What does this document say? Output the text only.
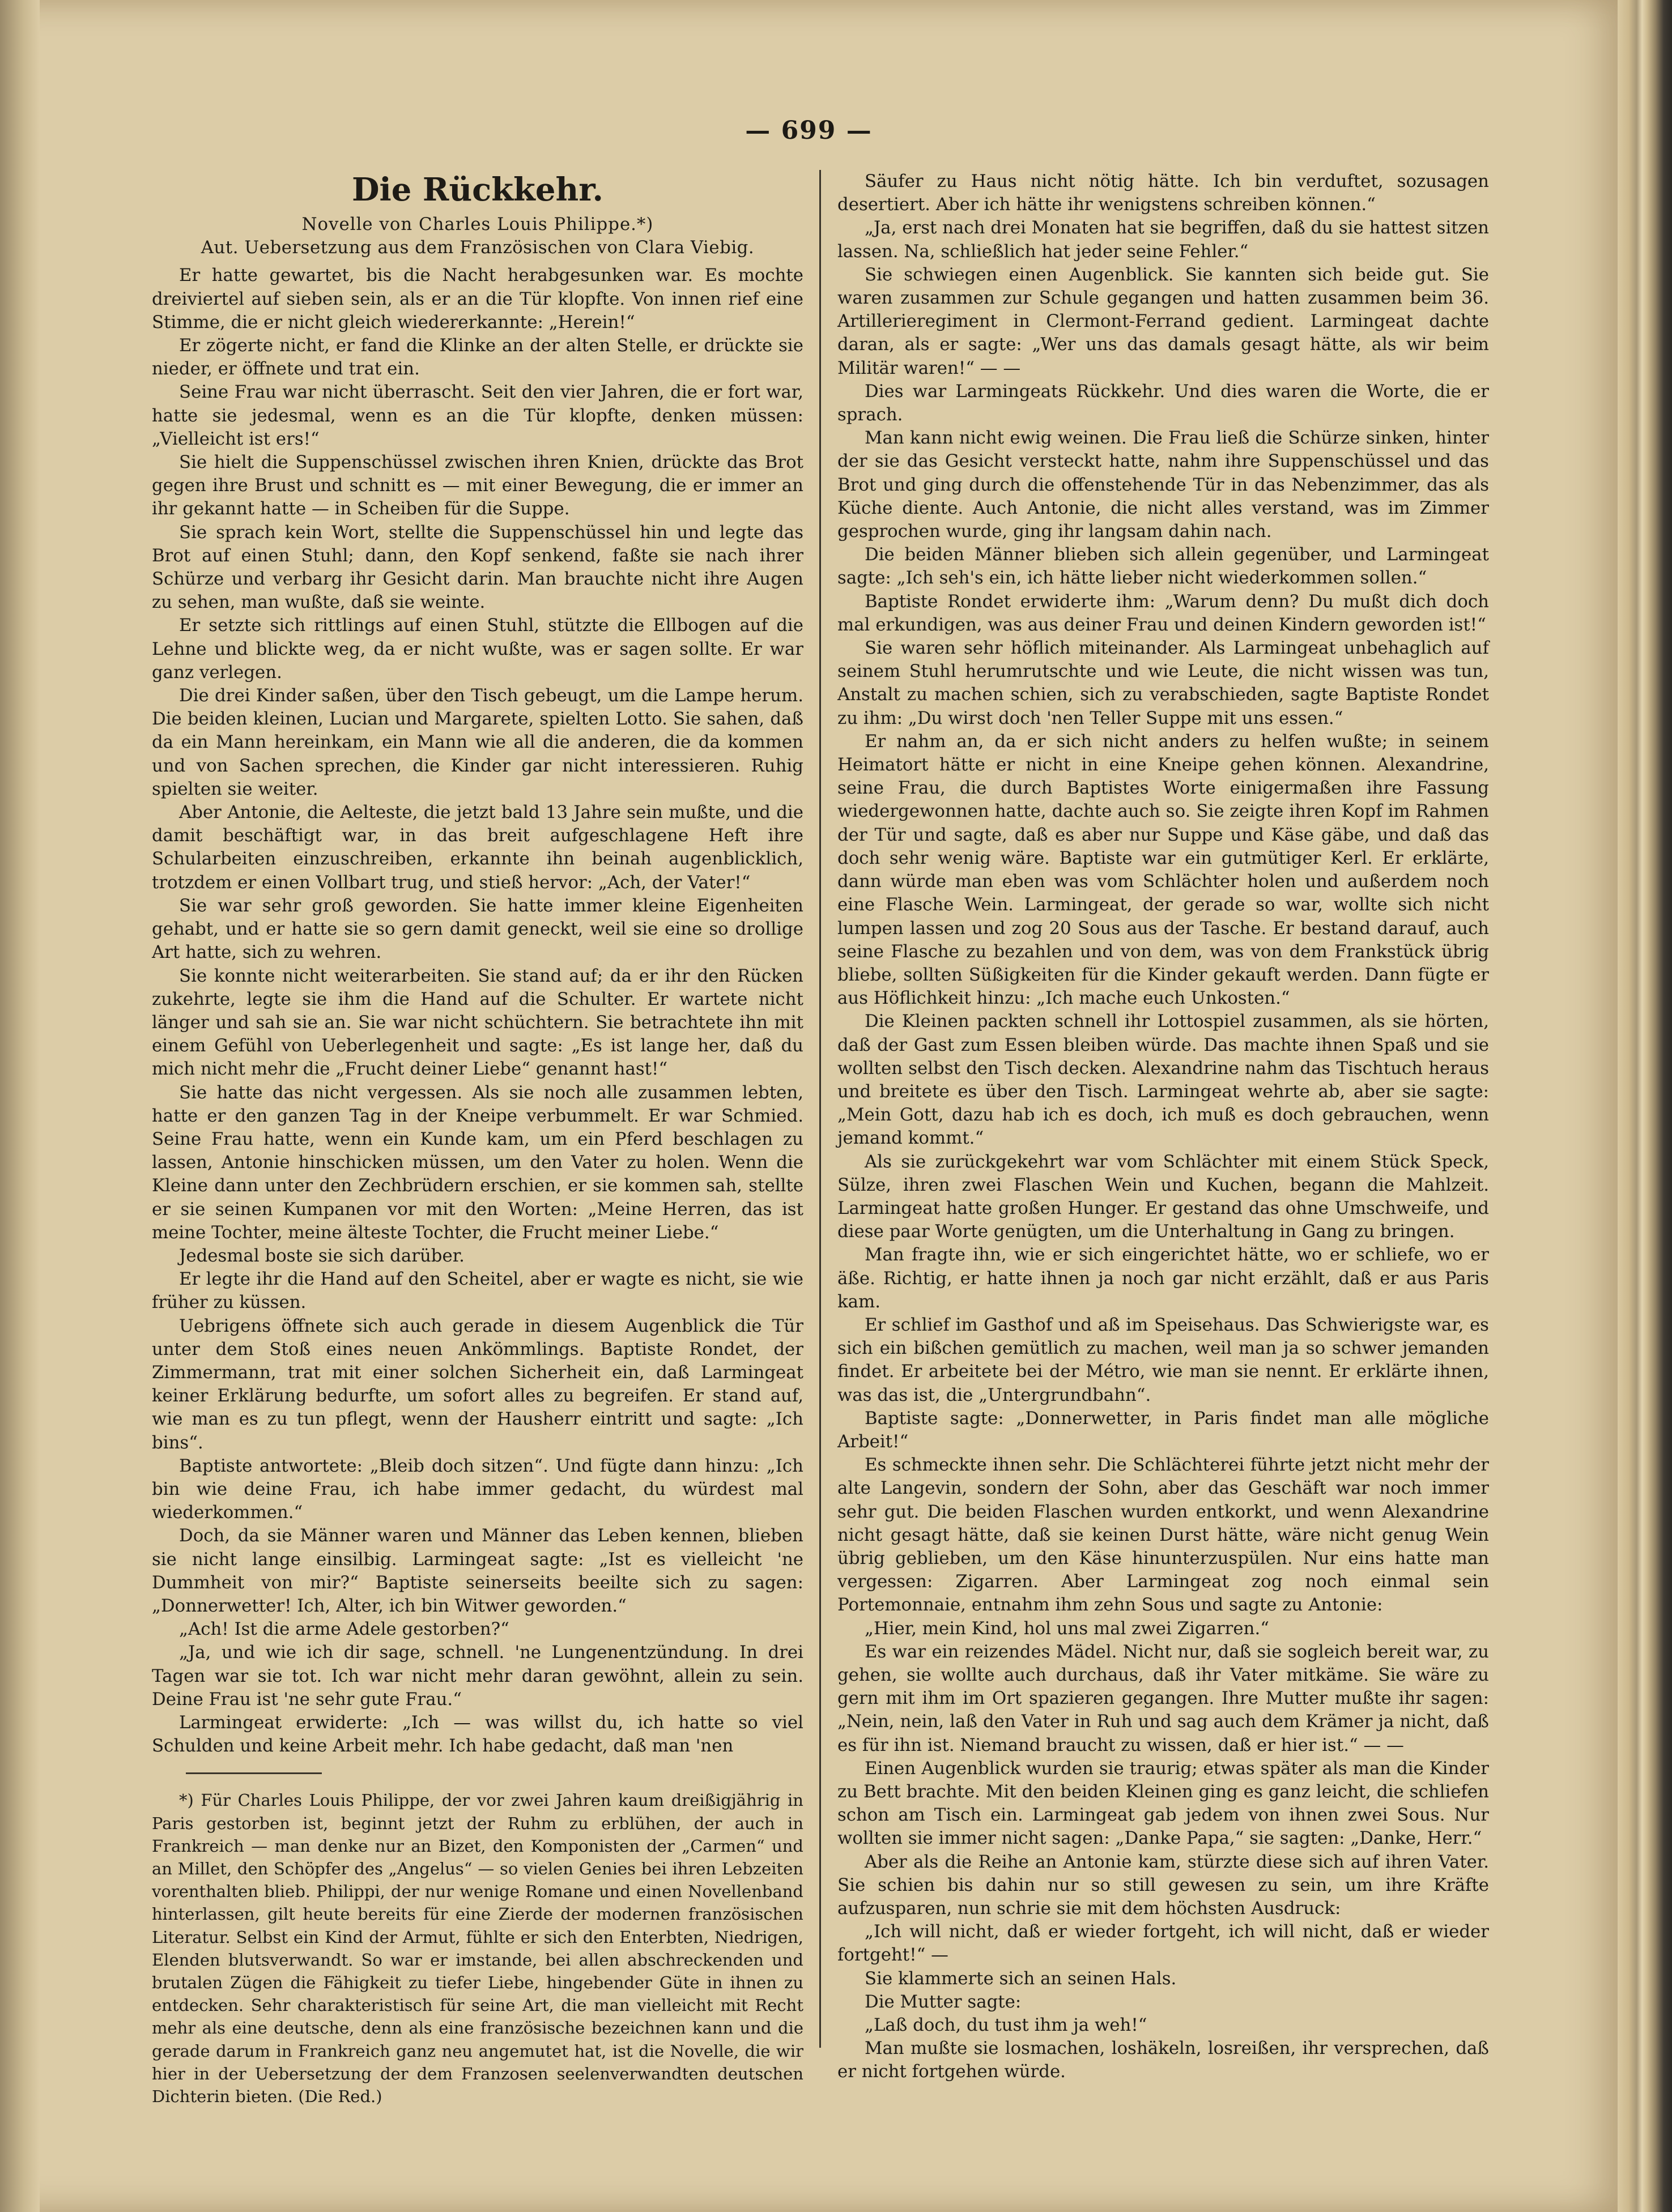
— 699 —
Die Rückkehr.
Novelle von Charles Louis Philippe.*)
Aut. Uebersetzung aus dem Französischen von Clara Viebig.

Er hatte gewartet, bis die Nacht herabgesunken war. Es mochte dreiviertel auf sieben sein, als er an die Tür klopfte. Von innen rief eine Stimme, die er nicht gleich wiedererkannte: „Herein!“

Er zögerte nicht, er fand die Klinke an der alten Stelle, er drückte sie nieder, er öffnete und trat ein.

Seine Frau war nicht überrascht. Seit den vier Jahren, die er fort war, hatte sie jedesmal, wenn es an die Tür klopfte, denken müssen: „Vielleicht ist ers!“

Sie hielt die Suppenschüssel zwischen ihren Knien, drückte das Brot gegen ihre Brust und schnitt es — mit einer Bewegung, die er immer an ihr gekannt hatte — in Scheiben für die Suppe.

Sie sprach kein Wort, stellte die Suppenschüssel hin und legte das Brot auf einen Stuhl; dann, den Kopf senkend, faßte sie nach ihrer Schürze und verbarg ihr Gesicht darin. Man brauchte nicht ihre Augen zu sehen, man wußte, daß sie weinte.

Er setzte sich rittlings auf einen Stuhl, stützte die Ellbogen auf die Lehne und blickte weg, da er nicht wußte, was er sagen sollte. Er war ganz verlegen.

Die drei Kinder saßen, über den Tisch gebeugt, um die Lampe herum. Die beiden kleinen, Lucian und Margarete, spielten Lotto. Sie sahen, daß da ein Mann hereinkam, ein Mann wie all die anderen, die da kommen und von Sachen sprechen, die Kinder gar nicht interessieren. Ruhig spielten sie weiter.

Aber Antonie, die Aelteste, die jetzt bald 13 Jahre sein mußte, und die damit beschäftigt war, in das breit aufgeschlagene Heft ihre Schularbeiten einzuschreiben, erkannte ihn beinah augenblicklich, trotzdem er einen Vollbart trug, und stieß hervor: „Ach, der Vater!“

Sie war sehr groß geworden. Sie hatte immer kleine Eigenheiten gehabt, und er hatte sie so gern damit geneckt, weil sie eine so drollige Art hatte, sich zu wehren.

Sie konnte nicht weiterarbeiten. Sie stand auf; da er ihr den Rücken zukehrte, legte sie ihm die Hand auf die Schulter. Er wartete nicht länger und sah sie an. Sie war nicht schüchtern. Sie betrachtete ihn mit einem Gefühl von Ueberlegenheit und sagte: „Es ist lange her, daß du mich nicht mehr die „Frucht deiner Liebe“ genannt hast!“

Sie hatte das nicht vergessen. Als sie noch alle zusammen lebten, hatte er den ganzen Tag in der Kneipe verbummelt. Er war Schmied. Seine Frau hatte, wenn ein Kunde kam, um ein Pferd beschlagen zu lassen, Antonie hinschicken müssen, um den Vater zu holen. Wenn die Kleine dann unter den Zechbrüdern erschien, er sie kommen sah, stellte er sie seinen Kumpanen vor mit den Worten: „Meine Herren, das ist meine Tochter, meine älteste Tochter, die Frucht meiner Liebe.“

Jedesmal boste sie sich darüber.

Er legte ihr die Hand auf den Scheitel, aber er wagte es nicht, sie wie früher zu küssen.

Uebrigens öffnete sich auch gerade in diesem Augenblick die Tür unter dem Stoß eines neuen Ankömmlings. Baptiste Rondet, der Zimmermann, trat mit einer solchen Sicherheit ein, daß Larmingeat keiner Erklärung bedurfte, um sofort alles zu begreifen. Er stand auf, wie man es zu tun pflegt, wenn der Hausherr eintritt und sagte: „Ich bins“.

Baptiste antwortete: „Bleib doch sitzen“. Und fügte dann hinzu: „Ich bin wie deine Frau, ich habe immer gedacht, du würdest mal wiederkommen.“

Doch, da sie Männer waren und Männer das Leben kennen, blieben sie nicht lange einsilbig. Larmingeat sagte: „Ist es vielleicht 'ne Dummheit von mir?“ Baptiste seinerseits beeilte sich zu sagen: „Donnerwetter! Ich, Alter, ich bin Witwer geworden.“

„Ach! Ist die arme Adele gestorben?“

„Ja, und wie ich dir sage, schnell. 'ne Lungenentzündung. In drei Tagen war sie tot. Ich war nicht mehr daran gewöhnt, allein zu sein. Deine Frau ist 'ne sehr gute Frau.“

Larmingeat erwiderte: „Ich — was willst du, ich hatte so viel Schulden und keine Arbeit mehr. Ich habe gedacht, daß man 'nen

*) Für Charles Louis Philippe, der vor zwei Jahren kaum dreißigjährig in Paris gestorben ist, beginnt jetzt der Ruhm zu erblühen, der auch in Frankreich — man denke nur an Bizet, den Komponisten der „Carmen“ und an Millet, den Schöpfer des „Angelus“ — so vielen Genies bei ihren Lebzeiten vorenthalten blieb. Philippi, der nur wenige Romane und einen Novellenband hinterlassen, gilt heute bereits für eine Zierde der modernen französischen Literatur. Selbst ein Kind der Armut, fühlte er sich den Enterbten, Niedrigen, Elenden blutsverwandt. So war er imstande, bei allen abschreckenden und brutalen Zügen die Fähigkeit zu tiefer Liebe, hingebender Güte in ihnen zu entdecken. Sehr charakteristisch für seine Art, die man vielleicht mit Recht mehr als eine deutsche, denn als eine französische bezeichnen kann und die gerade darum in Frankreich ganz neu angemutet hat, ist die Novelle, die wir hier in der Uebersetzung der dem Franzosen seelenverwandten deutschen Dichterin bieten. (Die Red.)

Säufer zu Haus nicht nötig hätte. Ich bin verduftet, sozusagen desertiert. Aber ich hätte ihr wenigstens schreiben können.“

„Ja, erst nach drei Monaten hat sie begriffen, daß du sie hattest sitzen lassen. Na, schließlich hat jeder seine Fehler.“

Sie schwiegen einen Augenblick. Sie kannten sich beide gut. Sie waren zusammen zur Schule gegangen und hatten zusammen beim 36. Artillerieregiment in Clermont-Ferrand gedient. Larmingeat dachte daran, als er sagte: „Wer uns das damals gesagt hätte, als wir beim Militär waren!“ — —

Dies war Larmingeats Rückkehr. Und dies waren die Worte, die er sprach.

Man kann nicht ewig weinen. Die Frau ließ die Schürze sinken, hinter der sie das Gesicht versteckt hatte, nahm ihre Suppenschüssel und das Brot und ging durch die offenstehende Tür in das Nebenzimmer, das als Küche diente. Auch Antonie, die nicht alles verstand, was im Zimmer gesprochen wurde, ging ihr langsam dahin nach.

Die beiden Männer blieben sich allein gegenüber, und Larmingeat sagte: „Ich seh's ein, ich hätte lieber nicht wiederkommen sollen.“

Baptiste Rondet erwiderte ihm: „Warum denn? Du mußt dich doch mal erkundigen, was aus deiner Frau und deinen Kindern geworden ist!“

Sie waren sehr höflich miteinander. Als Larmingeat unbehaglich auf seinem Stuhl herumrutschte und wie Leute, die nicht wissen was tun, Anstalt zu machen schien, sich zu verabschieden, sagte Baptiste Rondet zu ihm: „Du wirst doch 'nen Teller Suppe mit uns essen.“

Er nahm an, da er sich nicht anders zu helfen wußte; in seinem Heimatort hätte er nicht in eine Kneipe gehen können. Alexandrine, seine Frau, die durch Baptistes Worte einigermaßen ihre Fassung wiedergewonnen hatte, dachte auch so. Sie zeigte ihren Kopf im Rahmen der Tür und sagte, daß es aber nur Suppe und Käse gäbe, und daß das doch sehr wenig wäre. Baptiste war ein gutmütiger Kerl. Er erklärte, dann würde man eben was vom Schlächter holen und außerdem noch eine Flasche Wein. Larmingeat, der gerade so war, wollte sich nicht lumpen lassen und zog 20 Sous aus der Tasche. Er bestand darauf, auch seine Flasche zu bezahlen und von dem, was von dem Frankstück übrig bliebe, sollten Süßigkeiten für die Kinder gekauft werden. Dann fügte er aus Höflichkeit hinzu: „Ich mache euch Unkosten.“

Die Kleinen packten schnell ihr Lottospiel zusammen, als sie hörten, daß der Gast zum Essen bleiben würde. Das machte ihnen Spaß und sie wollten selbst den Tisch decken. Alexandrine nahm das Tischtuch heraus und breitete es über den Tisch. Larmingeat wehrte ab, aber sie sagte: „Mein Gott, dazu hab ich es doch, ich muß es doch gebrauchen, wenn jemand kommt.“

Als sie zurückgekehrt war vom Schlächter mit einem Stück Speck, Sülze, ihren zwei Flaschen Wein und Kuchen, begann die Mahlzeit. Larmingeat hatte großen Hunger. Er gestand das ohne Umschweife, und diese paar Worte genügten, um die Unterhaltung in Gang zu bringen.

Man fragte ihn, wie er sich eingerichtet hätte, wo er schliefe, wo er äße. Richtig, er hatte ihnen ja noch gar nicht erzählt, daß er aus Paris kam.

Er schlief im Gasthof und aß im Speisehaus. Das Schwierigste war, es sich ein bißchen gemütlich zu machen, weil man ja so schwer jemanden findet. Er arbeitete bei der Métro, wie man sie nennt. Er erklärte ihnen, was das ist, die „Untergrundbahn“.

Baptiste sagte: „Donnerwetter, in Paris findet man alle mögliche Arbeit!“

Es schmeckte ihnen sehr. Die Schlächterei führte jetzt nicht mehr der alte Langevin, sondern der Sohn, aber das Geschäft war noch immer sehr gut. Die beiden Flaschen wurden entkorkt, und wenn Alexandrine nicht gesagt hätte, daß sie keinen Durst hätte, wäre nicht genug Wein übrig geblieben, um den Käse hinunterzuspülen. Nur eins hatte man vergessen: Zigarren. Aber Larmingeat zog noch einmal sein Portemonnaie, entnahm ihm zehn Sous und sagte zu Antonie:

„Hier, mein Kind, hol uns mal zwei Zigarren.“

Es war ein reizendes Mädel. Nicht nur, daß sie sogleich bereit war, zu gehen, sie wollte auch durchaus, daß ihr Vater mitkäme. Sie wäre zu gern mit ihm im Ort spazieren gegangen. Ihre Mutter mußte ihr sagen: „Nein, nein, laß den Vater in Ruh und sag auch dem Krämer ja nicht, daß es für ihn ist. Niemand braucht zu wissen, daß er hier ist.“ — —

Einen Augenblick wurden sie traurig; etwas später als man die Kinder zu Bett brachte. Mit den beiden Kleinen ging es ganz leicht, die schliefen schon am Tisch ein. Larmingeat gab jedem von ihnen zwei Sous. Nur wollten sie immer nicht sagen: „Danke Papa,“ sie sagten: „Danke, Herr.“

Aber als die Reihe an Antonie kam, stürzte diese sich auf ihren Vater. Sie schien bis dahin nur so still gewesen zu sein, um ihre Kräfte aufzusparen, nun schrie sie mit dem höchsten Ausdruck:

„Ich will nicht, daß er wieder fortgeht, ich will nicht, daß er wieder fortgeht!“ —

Sie klammerte sich an seinen Hals.

Die Mutter sagte:

„Laß doch, du tust ihm ja weh!“

Man mußte sie losmachen, loshäkeln, losreißen, ihr versprechen, daß er nicht fortgehen würde.
